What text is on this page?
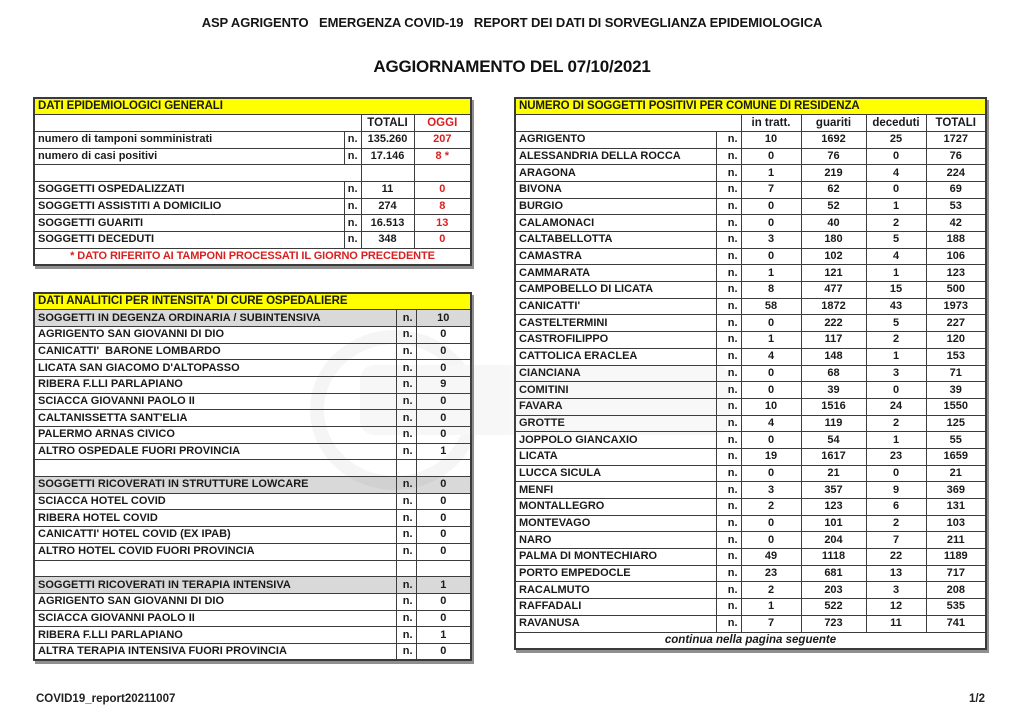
ASP AGRIGENTO   EMERGENZA COVID-19   REPORT DEI DATI DI SORVEGLIANZA EPIDEMIOLOGICA
AGGIORNAMENTO DEL 07/10/2021
DATI EPIDEMIOLOGICI GENERALI			
		TOTALI	OGGI
numero di tamponi somministrati	n.	135.260	207
numero di casi positivi	n.	17.146	8 *

SOGGETTI OSPEDALIZZATI	n.	11	0
SOGGETTI ASSISTITI A DOMICILIO	n.	274	8
SOGGETTI GUARITI	n.	16.513	13
SOGGETTI DECEDUTI	n.	348	0
* DATO RIFERITO AI TAMPONI PROCESSATI IL GIORNO PRECEDENTE			
DATI ANALITICI PER INTENSITA' DI CURE OSPEDALIERE		
SOGGETTI IN DEGENZA ORDINARIA / SUBINTENSIVA	n.	10
AGRIGENTO SAN GIOVANNI DI DIO	n.	0
CANICATTI'  BARONE LOMBARDO	n.	0
LICATA SAN GIACOMO D'ALTOPASSO	n.	0
RIBERA F.LLI PARLAPIANO	n.	9
SCIACCA GIOVANNI PAOLO II	n.	0
CALTANISSETTA SANT'ELIA	n.	0
PALERMO ARNAS CIVICO	n.	0
ALTRO OSPEDALE FUORI PROVINCIA	n.	1

SOGGETTI RICOVERATI IN STRUTTURE LOWCARE	n.	0
SCIACCA HOTEL COVID	n.	0
RIBERA HOTEL COVID	n.	0
CANICATTI' HOTEL COVID (EX IPAB)	n.	0
ALTRO HOTEL COVID FUORI PROVINCIA	n.	0

SOGGETTI RICOVERATI IN TERAPIA INTENSIVA	n.	1
AGRIGENTO SAN GIOVANNI DI DIO	n.	0
SCIACCA GIOVANNI PAOLO II	n.	0
RIBERA F.LLI PARLAPIANO	n.	1
ALTRA TERAPIA INTENSIVA FUORI PROVINCIA	n.	0
NUMERO DI SOGGETTI POSITIVI PER COMUNE DI RESIDENZA					
		in tratt.	guariti	deceduti	TOTALI
AGRIGENTO	n.	10	1692	25	1727
ALESSANDRIA DELLA ROCCA	n.	0	76	0	76
ARAGONA	n.	1	219	4	224
BIVONA	n.	7	62	0	69
BURGIO	n.	0	52	1	53
CALAMONACI	n.	0	40	2	42
CALTABELLOTTA	n.	3	180	5	188
CAMASTRA	n.	0	102	4	106
CAMMARATA	n.	1	121	1	123
CAMPOBELLO DI LICATA	n.	8	477	15	500
CANICATTI'	n.	58	1872	43	1973
CASTELTERMINI	n.	0	222	5	227
CASTROFILIPPO	n.	1	117	2	120
CATTOLICA ERACLEA	n.	4	148	1	153
CIANCIANA	n.	0	68	3	71
COMITINI	n.	0	39	0	39
FAVARA	n.	10	1516	24	1550
GROTTE	n.	4	119	2	125
JOPPOLO GIANCAXIO	n.	0	54	1	55
LICATA	n.	19	1617	23	1659
LUCCA SICULA	n.	0	21	0	21
MENFI	n.	3	357	9	369
MONTALLEGRO	n.	2	123	6	131
MONTEVAGO	n.	0	101	2	103
NARO	n.	0	204	7	211
PALMA DI MONTECHIARO	n.	49	1118	22	1189
PORTO EMPEDOCLE	n.	23	681	13	717
RACALMUTO	n.	2	203	3	208
RAFFADALI	n.	1	522	12	535
RAVANUSA	n.	7	723	11	741
continua nella pagina seguente					
COVID19_report20211007	1/2
